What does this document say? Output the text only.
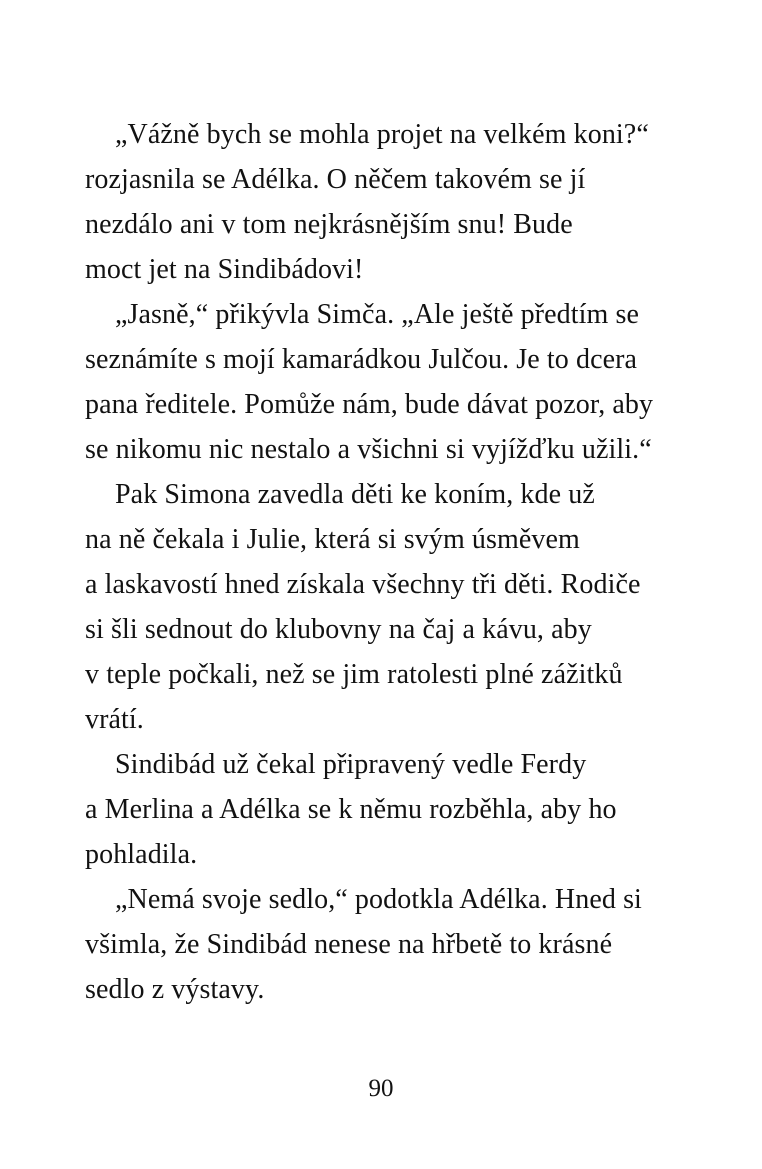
„Vážně bych se mohla projet na velkém koni?“
rozjasnila se Adélka. O něčem takovém se jí
nezdálo ani v tom nejkrásnějším snu! Bude
moct jet na Sindibádovi!
„Jasně,“ přikývla Simča. „Ale ještě předtím se
seznámíte s mojí kamarádkou Julčou. Je to dcera
pana ředitele. Pomůže nám, bude dávat pozor, aby
se nikomu nic nestalo a všichni si vyjížďku užili.“
Pak Simona zavedla děti ke koním, kde už
na ně čekala i Julie, která si svým úsměvem
a laskavostí hned získala všechny tři děti. Rodiče
si šli sednout do klubovny na čaj a kávu, aby
v teple počkali, než se jim ratolesti plné zážitků
vrátí.
Sindibád už čekal připravený vedle Ferdy
a Merlina a Adélka se k němu rozběhla, aby ho
pohladila.
„Nemá svoje sedlo,“ podotkla Adélka. Hned si
všimla, že Sindibád nenese na hřbetě to krásné
sedlo z výstavy.
90
